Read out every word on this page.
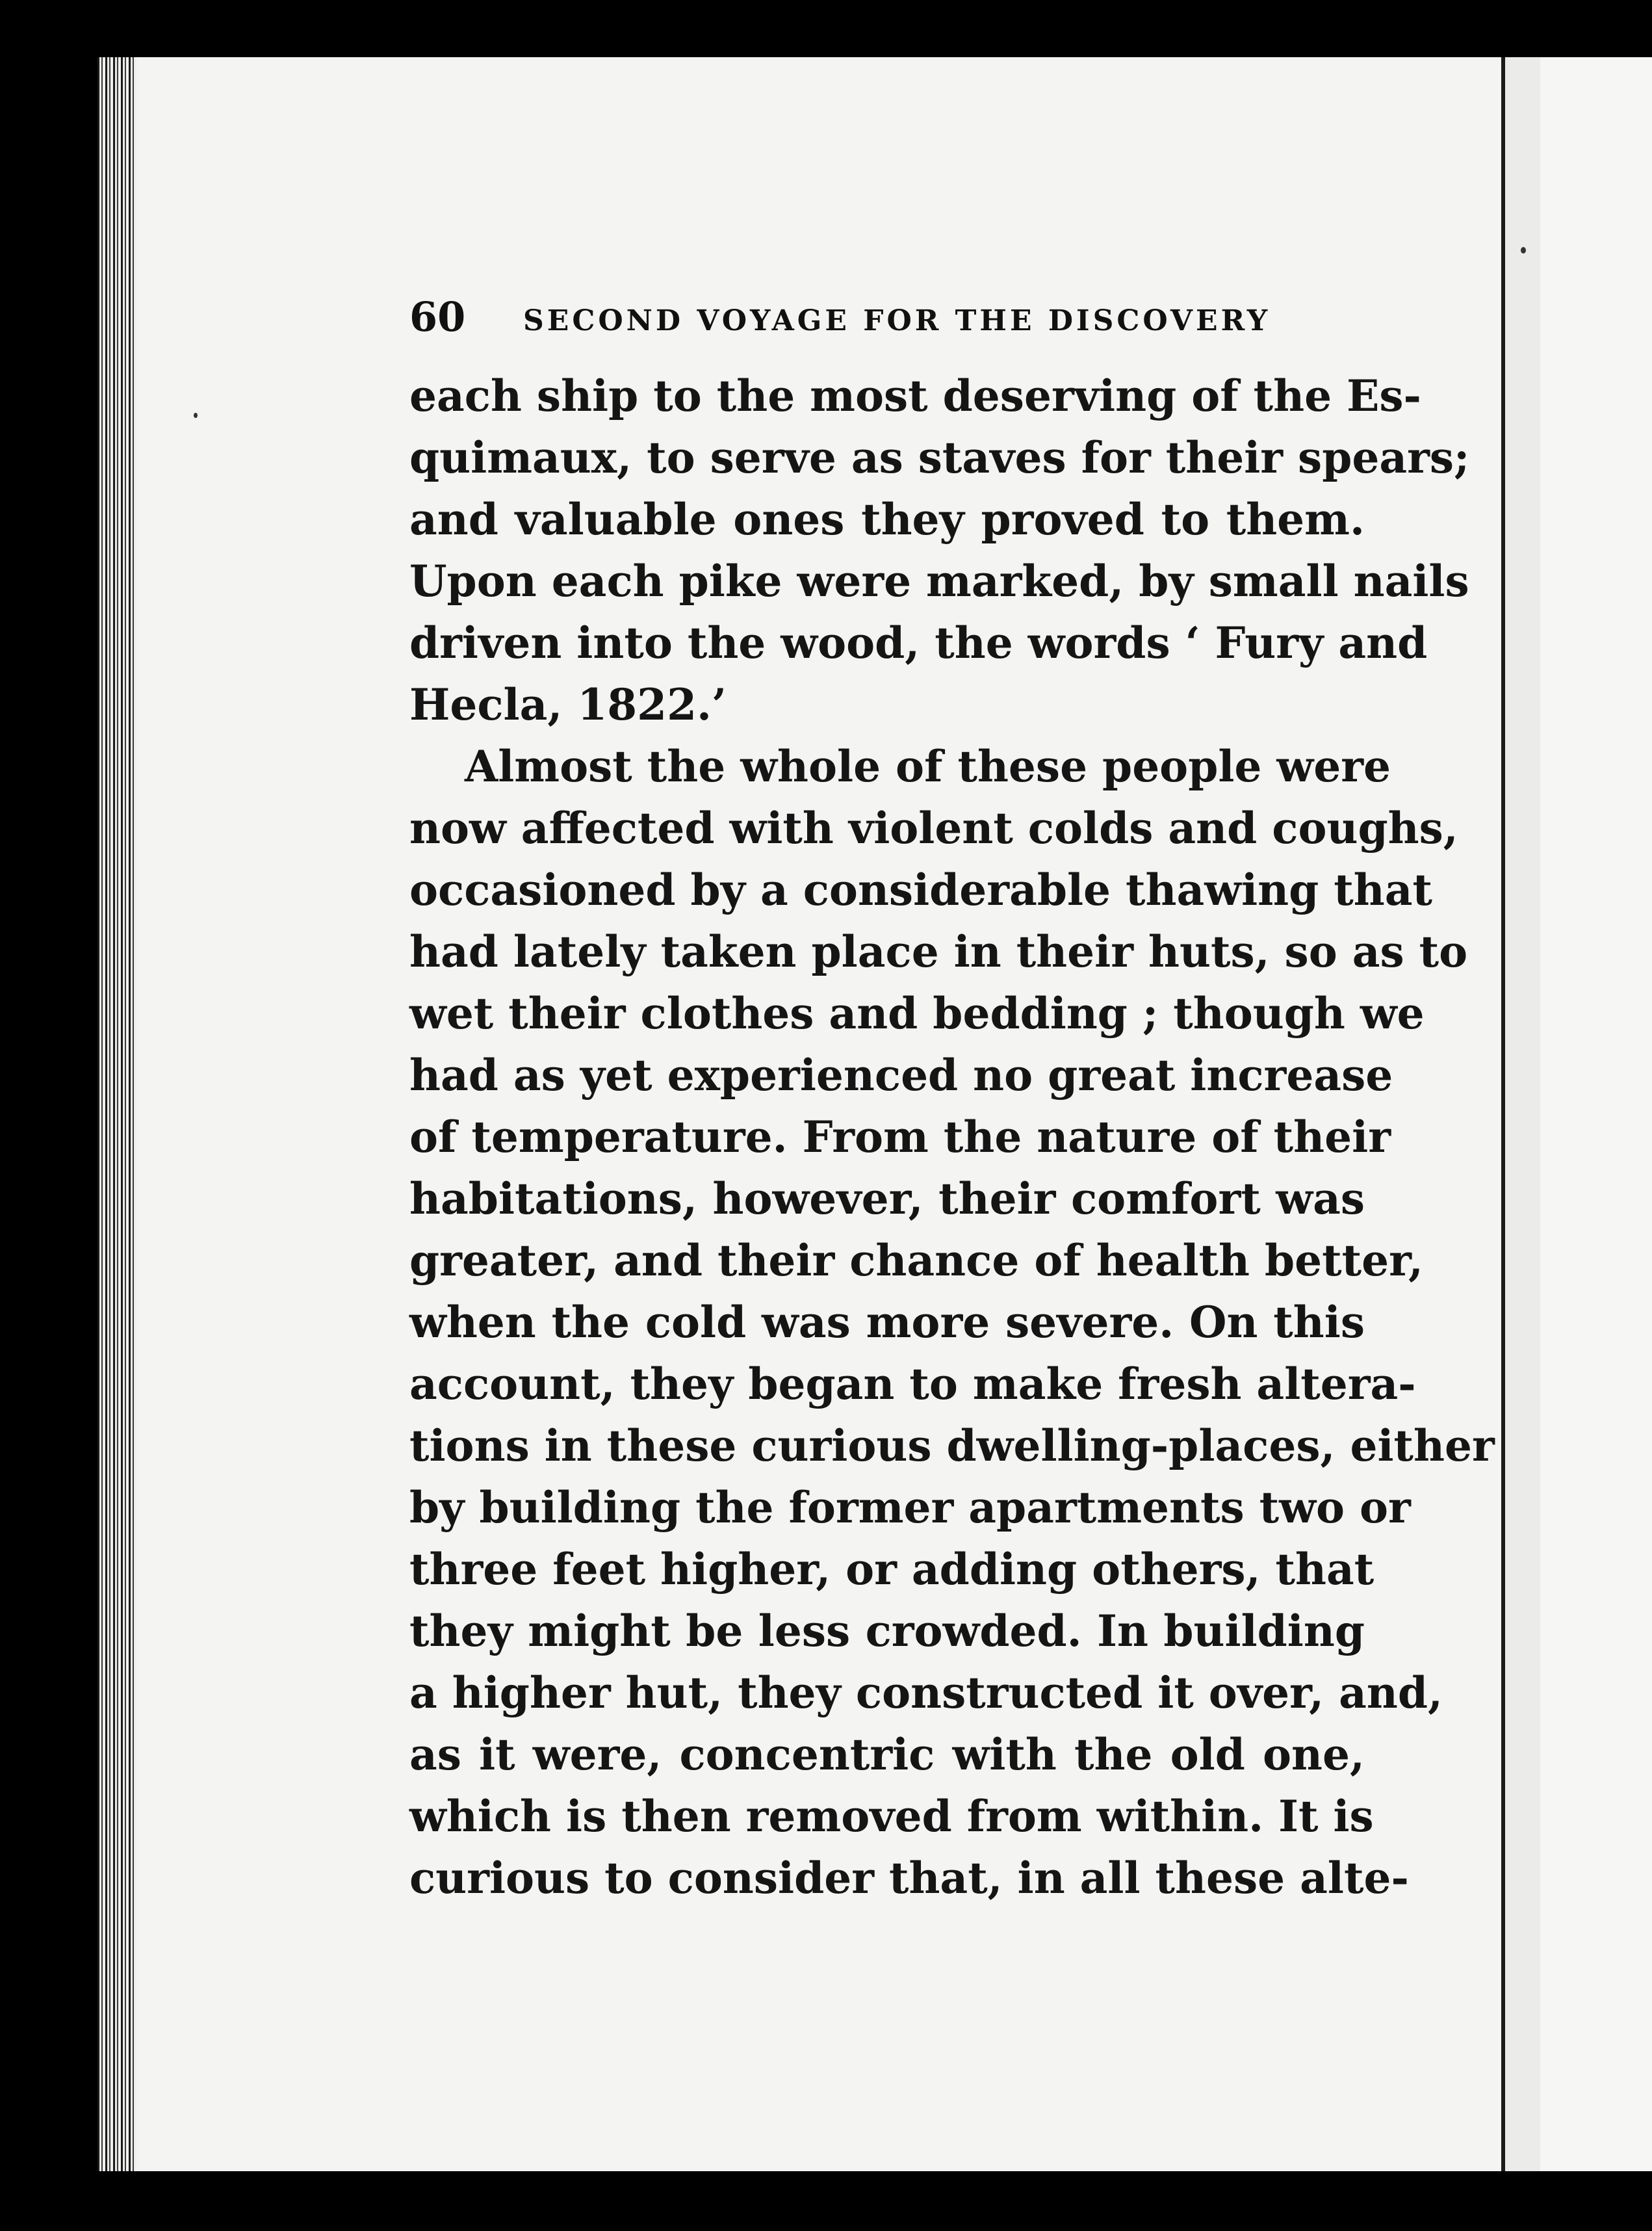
60 SECOND VOYAGE FOR THE DISCOVERY
each ship to the most deserving of the Es-
quimaux, to serve as staves for their spears;
and valuable ones they proved to them.
Upon each pike were marked, by small nails
driven into the wood, the words ‘ Fury and
Hecla, 1822.’
Almost the whole of these people were
now affected with violent colds and coughs,
occasioned by a considerable thawing that
had lately taken place in their huts, so as to
wet their clothes and bedding ; though we
had as yet experienced no great increase
of temperature. From the nature of their
habitations, however, their comfort was
greater, and their chance of health better,
when the cold was more severe. On this
account, they began to make fresh altera-
tions in these curious dwelling-places, either
by building the former apartments two or
three feet higher, or adding others, that
they might be less crowded. In building
a higher hut, they constructed it over, and,
as it were, concentric with the old one,
which is then removed from within. It is
curious to consider that, in all these alte-
